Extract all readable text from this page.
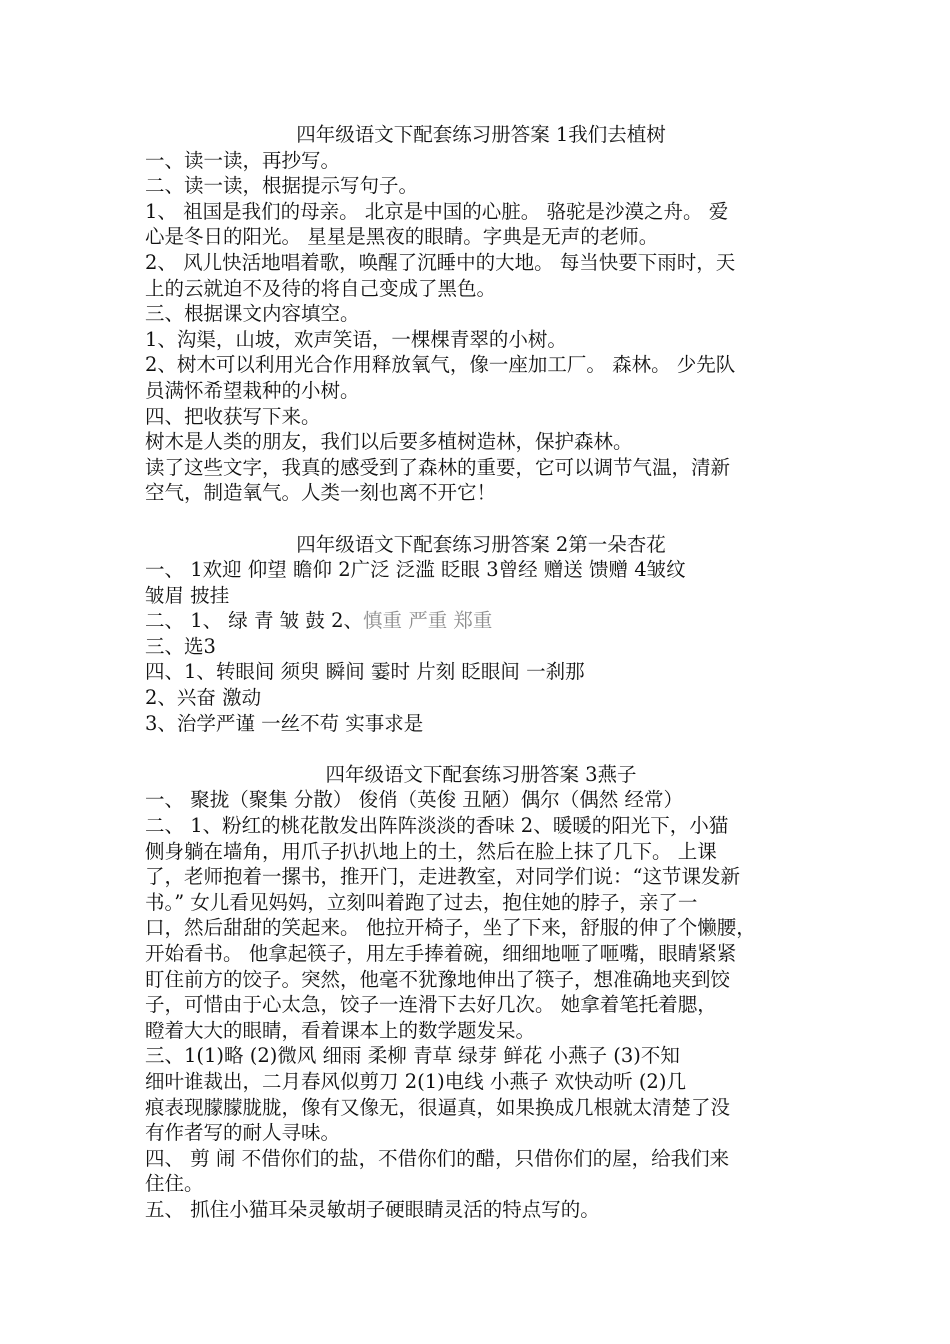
四年级语文下配套练习册答案 1我们去植树
一、读一读，再抄写。
二、读一读，根据提示写句子。
1、 祖国是我们的母亲。 北京是中国的心脏。 骆驼是沙漠之舟。 爱
心是冬日的阳光。 星星是黑夜的眼睛。字典是无声的老师。
2、 风儿快活地唱着歌，唤醒了沉睡中的大地。 每当快要下雨时，天
上的云就迫不及待的将自己变成了黑色。
三、根据课文内容填空。
1、沟渠，山坡，欢声笑语，一棵棵青翠的小树。
2、树木可以利用光合作用释放氧气，像一座加工厂。 森林。 少先队
员满怀希望栽种的小树。
四、把收获写下来。
树木是人类的朋友，我们以后要多植树造林，保护森林。
读了这些文字，我真的感受到了森林的重要，它可以调节气温，清新
空气，制造氧气。人类一刻也离不开它！
四年级语文下配套练习册答案 2第一朵杏花
一、 1欢迎 仰望 瞻仰 2广泛 泛滥 眨眼 3曾经 赠送 馈赠 4皱纹
皱眉 披挂
二、 1、 绿 青 皱 鼓 2、慎重 严重 郑重
三、选3
四、1、转眼间 须臾 瞬间 霎时 片刻 眨眼间 一刹那
2、兴奋 激动
3、治学严谨 一丝不苟 实事求是
四年级语文下配套练习册答案 3燕子
一、 聚拢（聚集 分散） 俊俏（英俊 丑陋）偶尔（偶然 经常）
二、 1、粉红的桃花散发出阵阵淡淡的香味 2、暖暖的阳光下，小猫
侧身躺在墙角，用爪子扒扒地上的土，然后在脸上抹了几下。 上课
了，老师抱着一摞书，推开门，走进教室，对同学们说：“这节课发新
书。” 女儿看见妈妈，立刻叫着跑了过去，抱住她的脖子，亲了一
口，然后甜甜的笑起来。 他拉开椅子，坐了下来，舒服的伸了个懒腰，
开始看书。 他拿起筷子，用左手捧着碗，细细地咂了咂嘴，眼睛紧紧
盯住前方的饺子。突然，他毫不犹豫地伸出了筷子，想准确地夹到饺
子，可惜由于心太急，饺子一连滑下去好几次。 她拿着笔托着腮，
瞪着大大的眼睛，看着课本上的数学题发呆。
三、1(1)略 (2)微风 细雨 柔柳 青草 绿芽 鲜花 小燕子 (3)不知
细叶谁裁出，二月春风似剪刀 2(1)电线 小燕子 欢快动听 (2)几
痕表现朦朦胧胧，像有又像无，很逼真，如果换成几根就太清楚了没
有作者写的耐人寻味。
四、 剪 闹 不借你们的盐，不借你们的醋，只借你们的屋，给我们来
住住。
五、 抓住小猫耳朵灵敏胡子硬眼睛灵活的特点写的。
